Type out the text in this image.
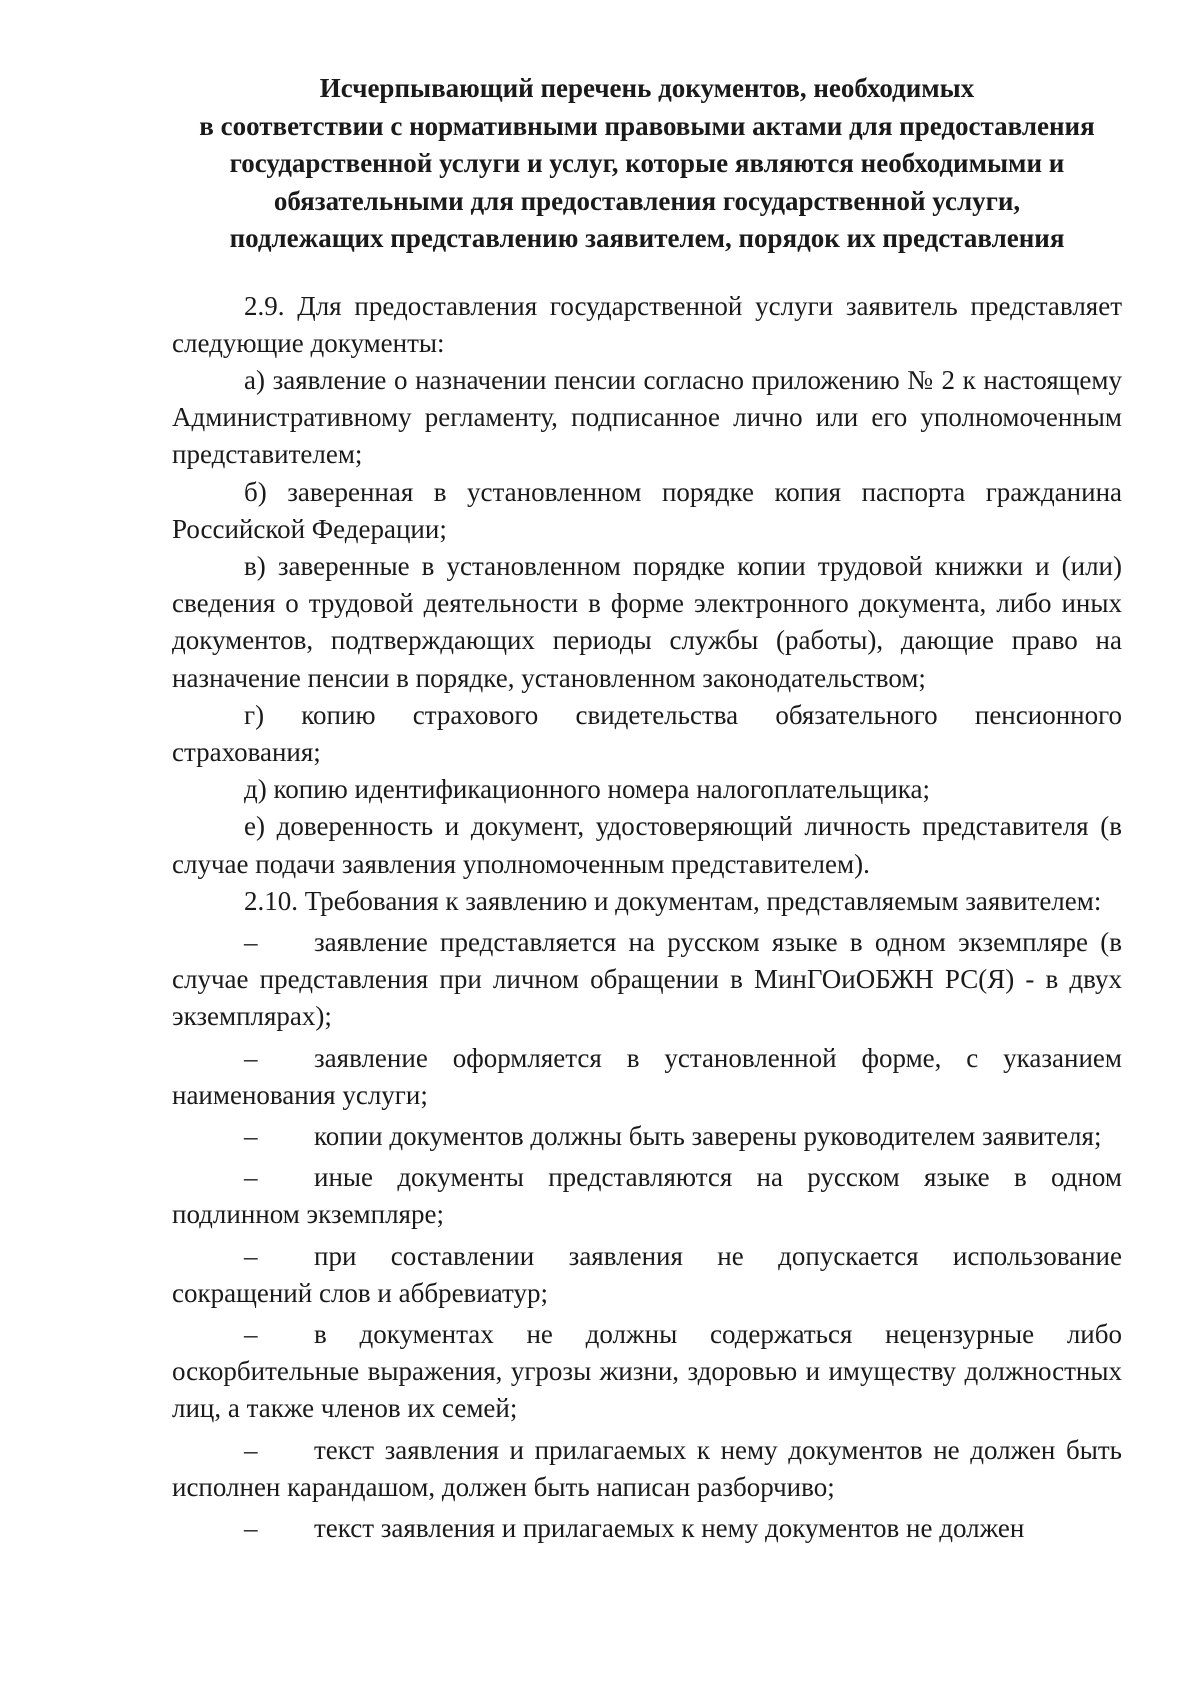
Исчерпывающий перечень документов, необходимых
в соответствии с нормативными правовыми актами для предоставления
государственной услуги и услуг, которые являются необходимыми и
обязательными для предоставления государственной услуги,
подлежащих представлению заявителем, порядок их представления

2.9. Для предоставления государственной услуги заявитель представляет следующие документы:

а) заявление о назначении пенсии согласно приложению № 2 к настоящему Административному регламенту, подписанное лично или его уполномоченным представителем;

б) заверенная в установленном порядке копия паспорта гражданина Российской Федерации;

в) заверенные в установленном порядке копии трудовой книжки и (или) сведения о трудовой деятельности в форме электронного документа, либо иных документов, подтверждающих периоды службы (работы), дающие право на назначение пенсии в порядке, установленном законодательством;

г) копию страхового свидетельства обязательного пенсионного страхования;

д) копию идентификационного номера налогоплательщика;

е) доверенность и документ, удостоверяющий личность представителя (в случае подачи заявления уполномоченным представителем).

2.10. Требования к заявлению и документам, представляемым заявителем:

– заявление представляется на русском языке в одном экземпляре (в случае представления при личном обращении в МинГОиОБЖН РС(Я) - в двух экземплярах);

– заявление оформляется в установленной форме, с указанием наименования услуги;

– копии документов должны быть заверены руководителем заявителя;

– иные документы представляются на русском языке в одном подлинном экземпляре;

– при составлении заявления не допускается использование сокращений слов и аббревиатур;

– в документах не должны содержаться нецензурные либо оскорбительные выражения, угрозы жизни, здоровью и имуществу должностных лиц, а также членов их семей;

– текст заявления и прилагаемых к нему документов не должен быть исполнен карандашом, должен быть написан разборчиво;

– текст заявления и прилагаемых к нему документов не должен
